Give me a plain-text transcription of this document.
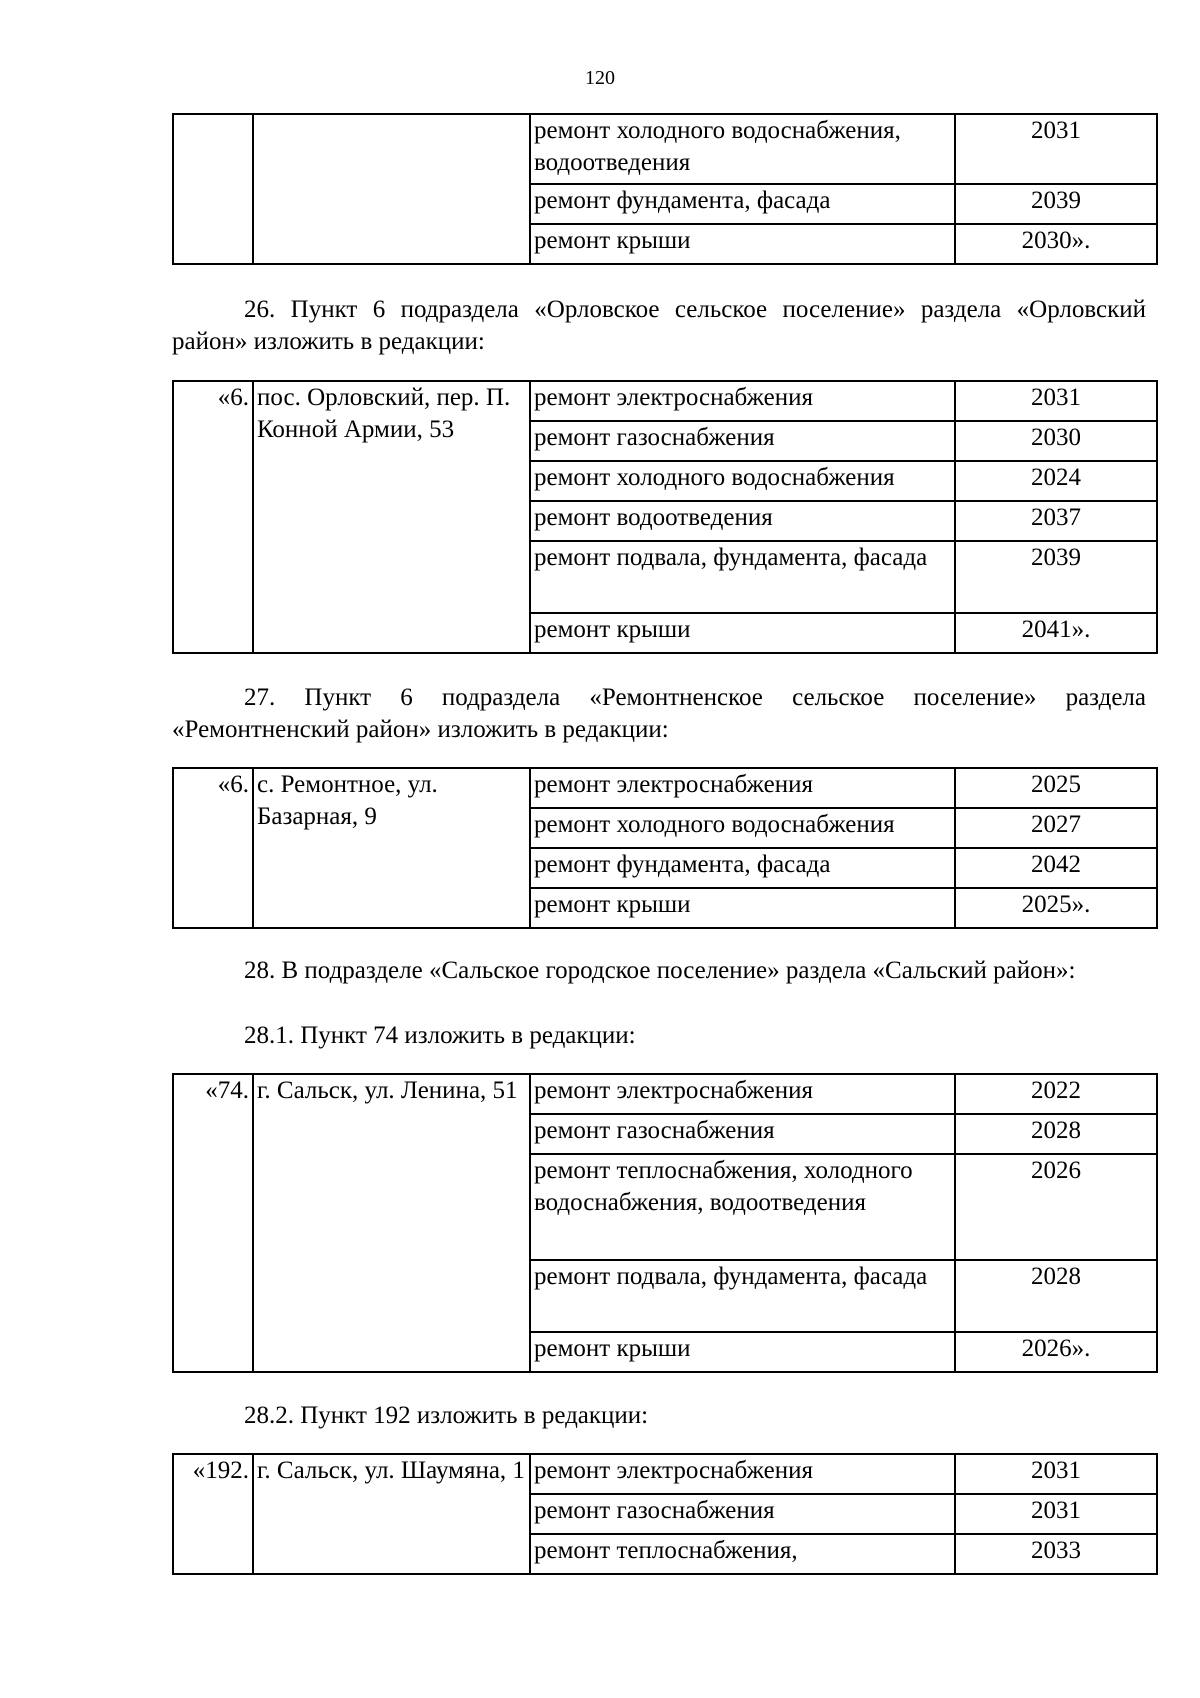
120
		ремонт холодного водоснабжения, водоотведения	2031
		ремонт фундамента, фасада	2039
		ремонт крыши	2030».
26. Пункт 6 подраздела «Орловское сельское поселение» раздела «Орловский район» изложить в редакции:
«6.	пос. Орловский, пер. П. Конной Армии, 53	ремонт электроснабжения	2031
		ремонт газоснабжения	2030
		ремонт холодного водоснабжения	2024
		ремонт водоотведения	2037
		ремонт подвала, фундамента, фасада	2039
		ремонт крыши	2041».
27. Пункт 6 подраздела «Ремонтненское сельское поселение» раздела «Ремонтненский район» изложить в редакции:
«6.	с. Ремонтное, ул. Базарная, 9	ремонт электроснабжения	2025
		ремонт холодного водоснабжения	2027
		ремонт фундамента, фасада	2042
		ремонт крыши	2025».
28. В подразделе «Сальское городское поселение» раздела «Сальский район»:
28.1. Пункт 74 изложить в редакции:
«74.	г. Сальск, ул. Ленина, 51	ремонт электроснабжения	2022
		ремонт газоснабжения	2028
		ремонт теплоснабжения, холодного водоснабжения, водоотведения	2026
		ремонт подвала, фундамента, фасада	2028
		ремонт крыши	2026».
28.2. Пункт 192 изложить в редакции:
«192.	г. Сальск, ул. Шаумяна, 1	ремонт электроснабжения	2031
		ремонт газоснабжения	2031
		ремонт теплоснабжения,	2033
